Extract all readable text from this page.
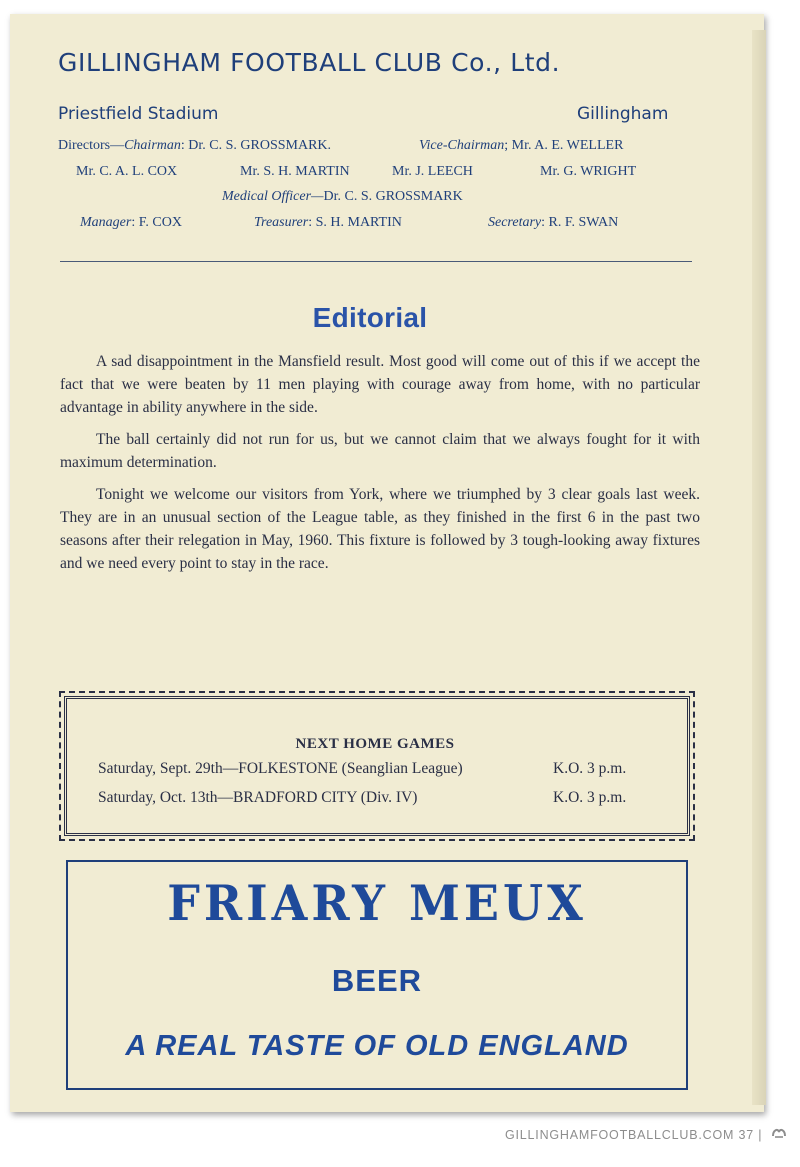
GILLINGHAM FOOTBALL CLUB Co., Ltd.
Priestfield Stadium	Gillingham
Directors—Chairman: Dr. C. S. GROSSMARK.	Vice-Chairman; Mr. A. E. WELLER
Mr. C. A. L. COX	Mr. S. H. MARTIN	Mr. J. LEECH	Mr. G. WRIGHT
Medical Officer—Dr. C. S. GROSSMARK
Manager: F. COX	Treasurer: S. H. MARTIN	Secretary: R. F. SWAN
Editorial

A sad disappointment in the Mansfield result. Most good will come out of this if we accept the fact that we were beaten by 11 men playing with courage away from home, with no particular advantage in ability anywhere in the side.

The ball certainly did not run for us, but we cannot claim that we always fought for it with maximum determination.

Tonight we welcome our visitors from York, where we triumphed by 3 clear goals last week. They are in an unusual section of the League table, as they finished in the first 6 in the past two seasons after their relegation in May, 1960. This fixture is followed by 3 tough-looking away fixtures and we need every point to stay in the race.

NEXT HOME GAMES
Saturday, Sept. 29th—FOLKESTONE (Seanglian League)	K.O. 3 p.m.
Saturday, Oct. 13th—BRADFORD CITY (Div. IV)	K.O. 3 p.m.
FRIARY MEUX
BEER
A REAL TASTE OF OLD ENGLAND
GILLINGHAMFOOTBALLCLUB.COM 37 |
